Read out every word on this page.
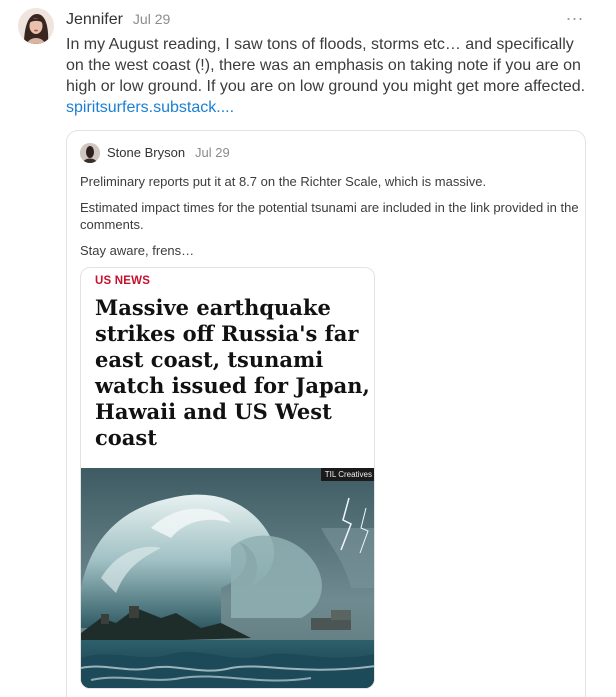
Jennifer Jul 29	...
In my August reading, I saw tons of floods, storms etc… and specifically on the west coast (!), there was an emphasis on taking note if you are on high or low ground. If you are on low ground you might get more affected.
spiritsurfers.substack....
Stone Bryson Jul 29

Preliminary reports put it at 8.7 on the Richter Scale, which is massive.

Estimated impact times for the potential tsunami are included in the link provided in the comments.

Stay aware, frens…

US NEWS
Massive earthquake strikes off Russia's far east coast, tsunami watch issued for Japan, Hawaii and US West coast
TIL Creatives
